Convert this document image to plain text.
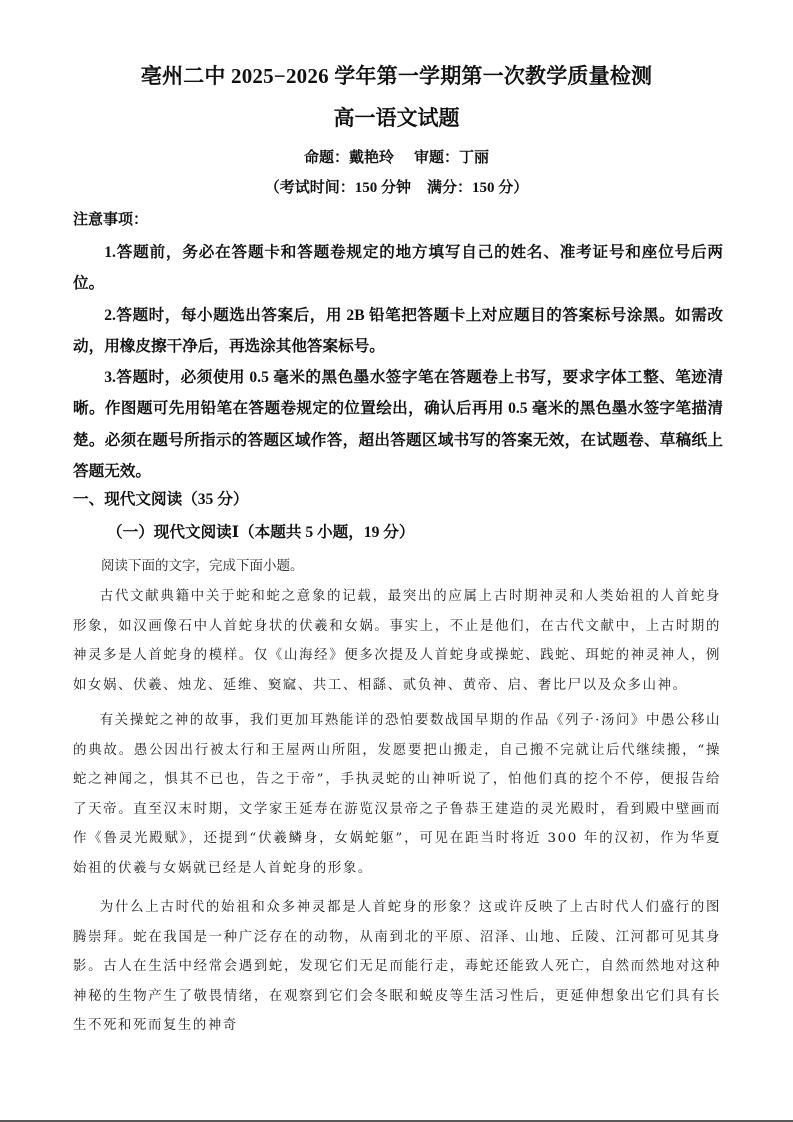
亳州二中 2025−2026 学年第一学期第一次教学质量检测
高一语文试题
命题：戴艳玲 审题：丁丽
（考试时间：150 分钟 满分：150 分）
注意事项：

1.答题前，务必在答题卡和答题卷规定的地方填写自己的姓名、准考证号和座位号后两位。

2.答题时，每小题选出答案后，用 2B 铅笔把答题卡上对应题目的答案标号涂黑。如需改动，用橡皮擦干净后，再选涂其他答案标号。

3.答题时，必须使用 0.5 毫米的黑色墨水签字笔在答题卷上书写，要求字体工整、笔迹清晰。作图题可先用铅笔在答题卷规定的位置绘出，确认后再用 0.5 毫米的黑色墨水签字笔描清楚。必须在题号所指示的答题区域作答，超出答题区域书写的答案无效，在试题卷、草稿纸上答题无效。

一、现代文阅读（35 分）
（一）现代文阅读Ⅰ（本题共 5 小题，19 分）
阅读下面的文字，完成下面小题。

古代文献典籍中关于蛇和蛇之意象的记载，最突出的应属上古时期神灵和人类始祖的人首蛇身形象，如汉画像石中人首蛇身状的伏羲和女娲。事实上，不止是他们，在古代文献中，上古时期的神灵多是人首蛇身的模样。仅《山海经》便多次提及人首蛇身或操蛇、践蛇、珥蛇的神灵神人，例如女娲、伏羲、烛龙、延维、窫窳、共工、相繇、贰负神、黄帝、启、奢比尸以及众多山神。

有关操蛇之神的故事，我们更加耳熟能详的恐怕要数战国早期的作品《列子·汤问》中愚公移山的典故。愚公因出行被太行和王屋两山所阻，发愿要把山搬走，自己搬不完就让后代继续搬，“操蛇之神闻之，惧其不已也，告之于帝”，手执灵蛇的山神听说了，怕他们真的挖个不停，便报告给了天帝。直至汉末时期，文学家王延寿在游览汉景帝之子鲁恭王建造的灵光殿时，看到殿中壁画而作《鲁灵光殿赋》，还提到“伏羲鳞身，女娲蛇躯”，可见在距当时将近 300 年的汉初，作为华夏始祖的伏羲与女娲就已经是人首蛇身的形象。

为什么上古时代的始祖和众多神灵都是人首蛇身的形象？这或许反映了上古时代人们盛行的图腾崇拜。蛇在我国是一种广泛存在的动物，从南到北的平原、沼泽、山地、丘陵、江河都可见其身影。古人在生活中经常会遇到蛇，发现它们无足而能行走，毒蛇还能致人死亡，自然而然地对这种神秘的生物产生了敬畏情绪，在观察到它们会冬眠和蜕皮等生活习性后，更延伸想象出它们具有长生不死和死而复生的神奇
